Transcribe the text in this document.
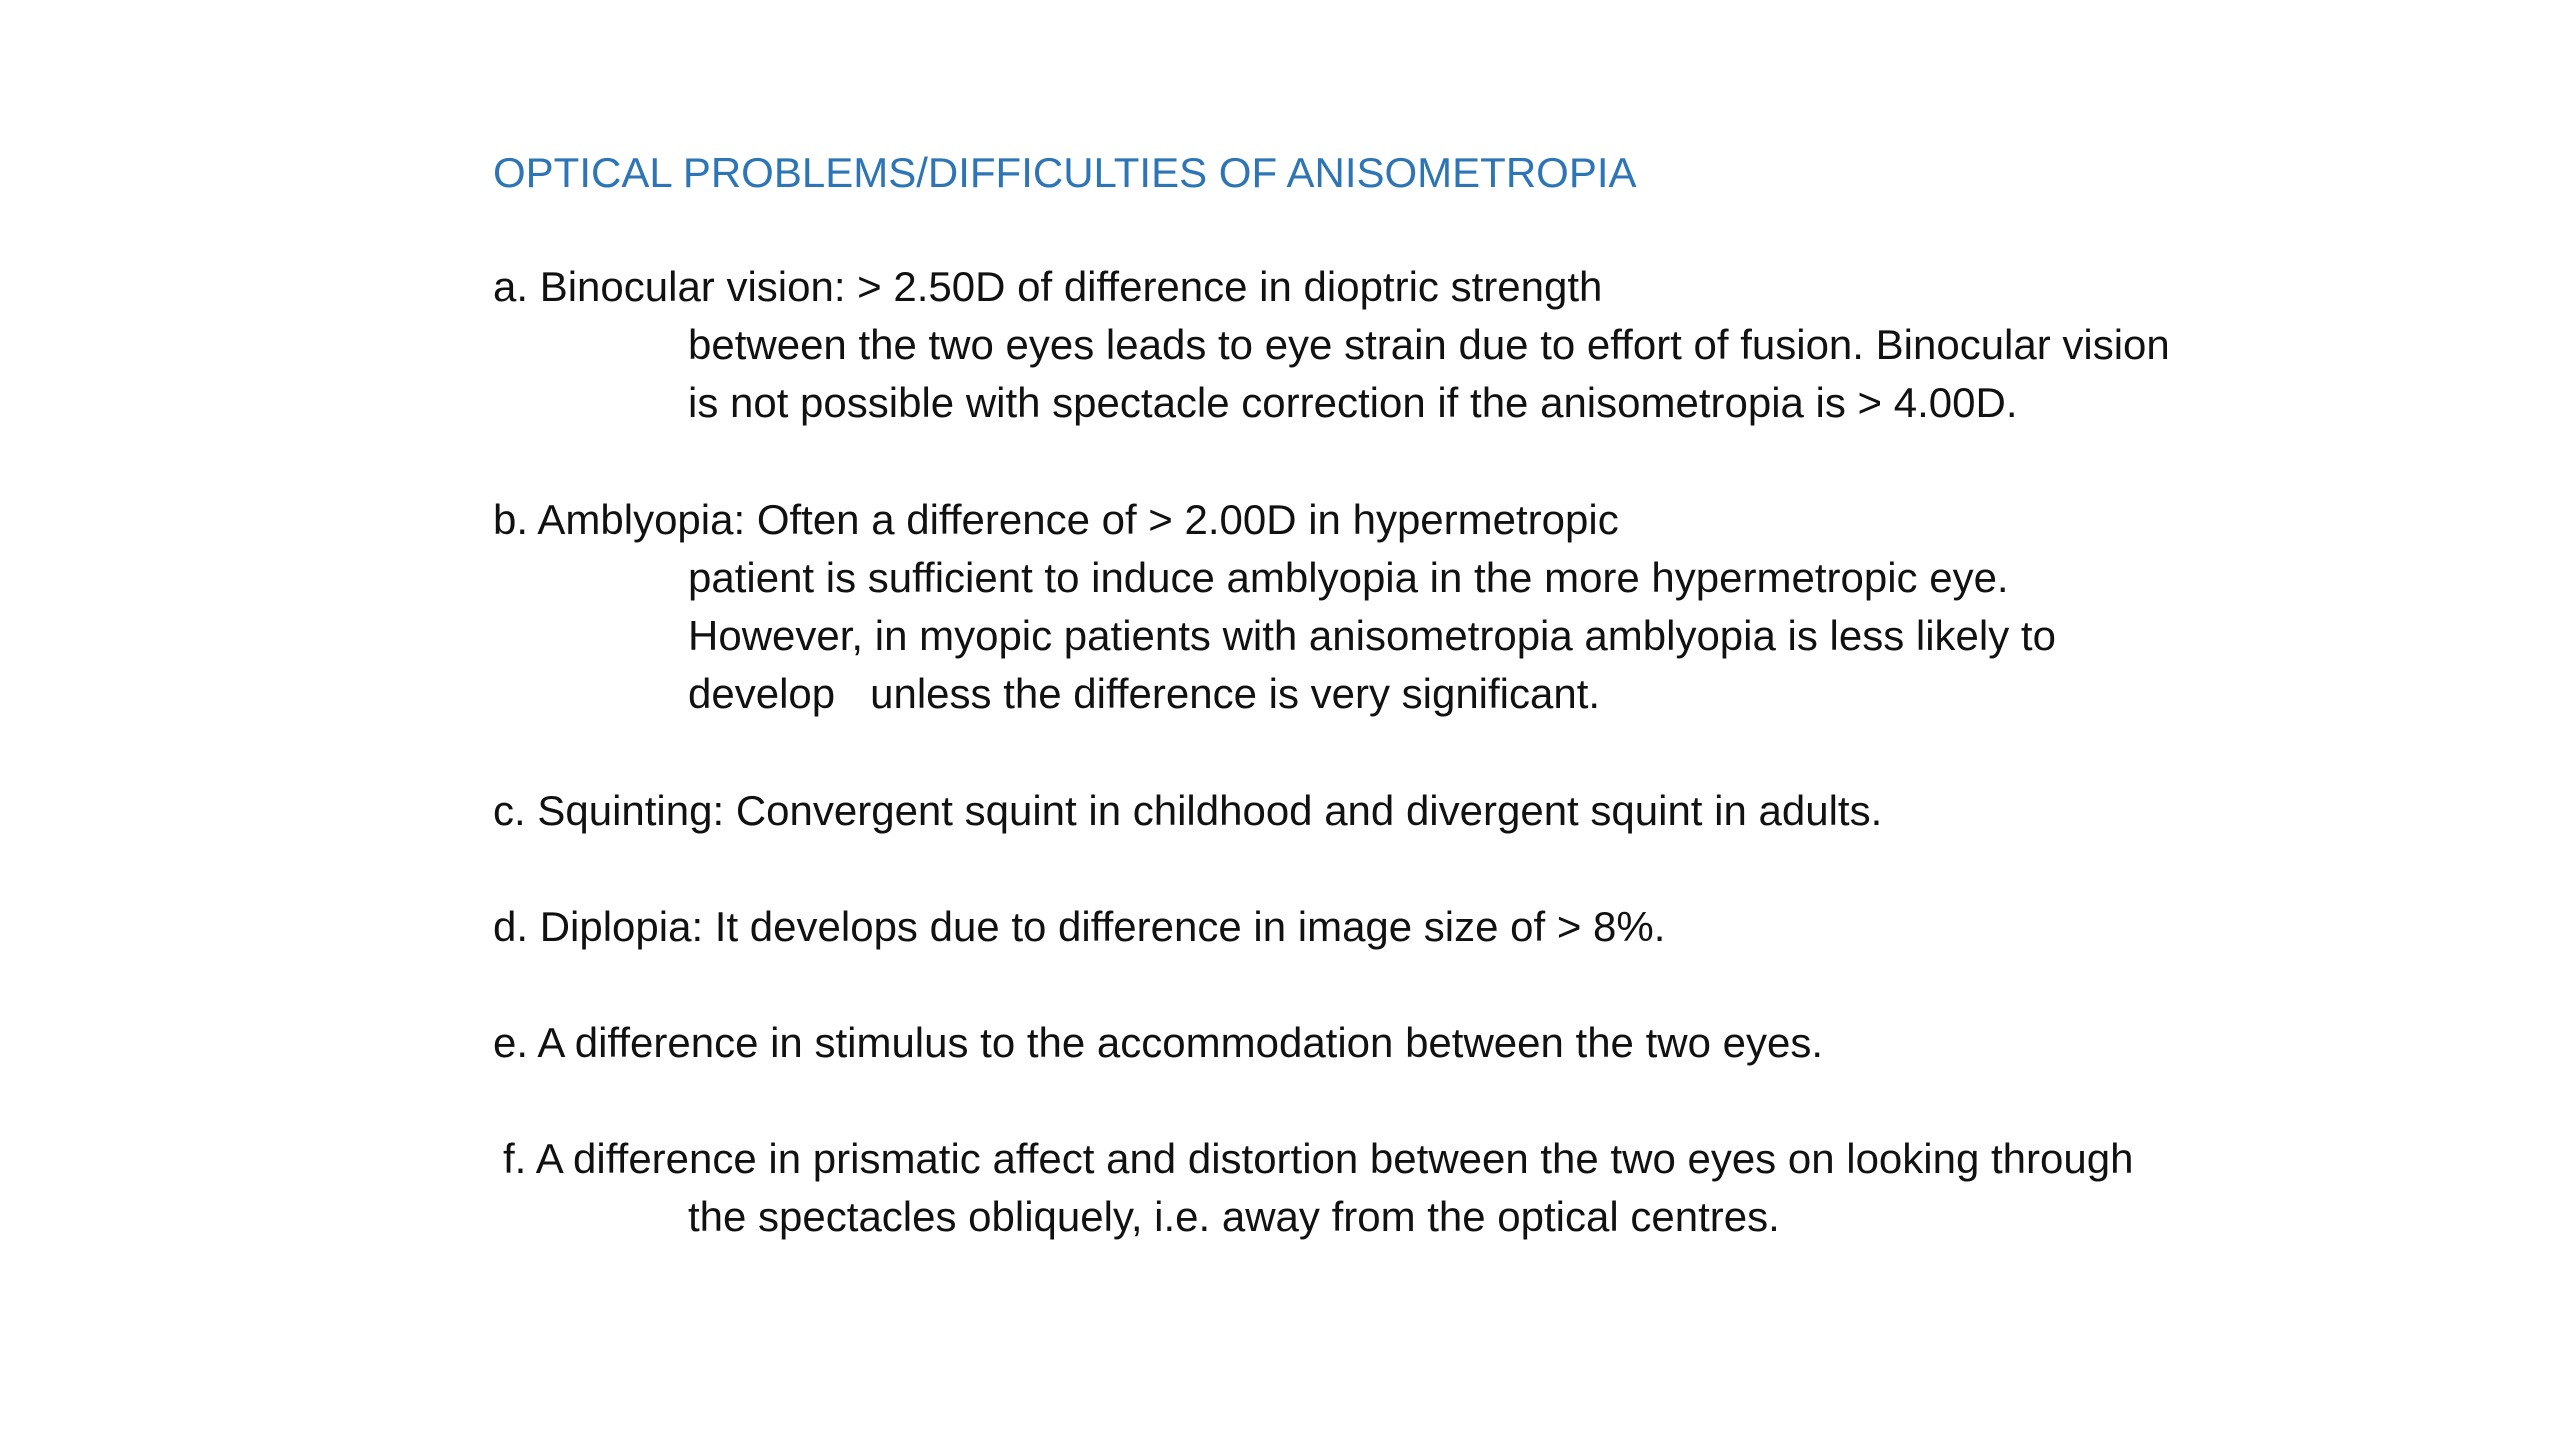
OPTICAL PROBLEMS/DIFFICULTIES OF ANISOMETROPIA
a. Binocular vision: > 2.50D of difference in dioptric strength
between the two eyes leads to eye strain due to effort of fusion. Binocular vision
is not possible with spectacle correction if the anisometropia is > 4.00D.
b. Amblyopia: Often a difference of > 2.00D in hypermetropic
patient is sufficient to induce amblyopia in the more hypermetropic eye.
However, in myopic patients with anisometropia amblyopia is less likely to
develop   unless the difference is very significant.
c. Squinting: Convergent squint in childhood and divergent squint in adults.
d. Diplopia: It develops due to difference in image size of > 8%.
e. A difference in stimulus to the accommodation between the two eyes.
f. A difference in prismatic affect and distortion between the two eyes on looking through
the spectacles obliquely, i.e. away from the optical centres.
